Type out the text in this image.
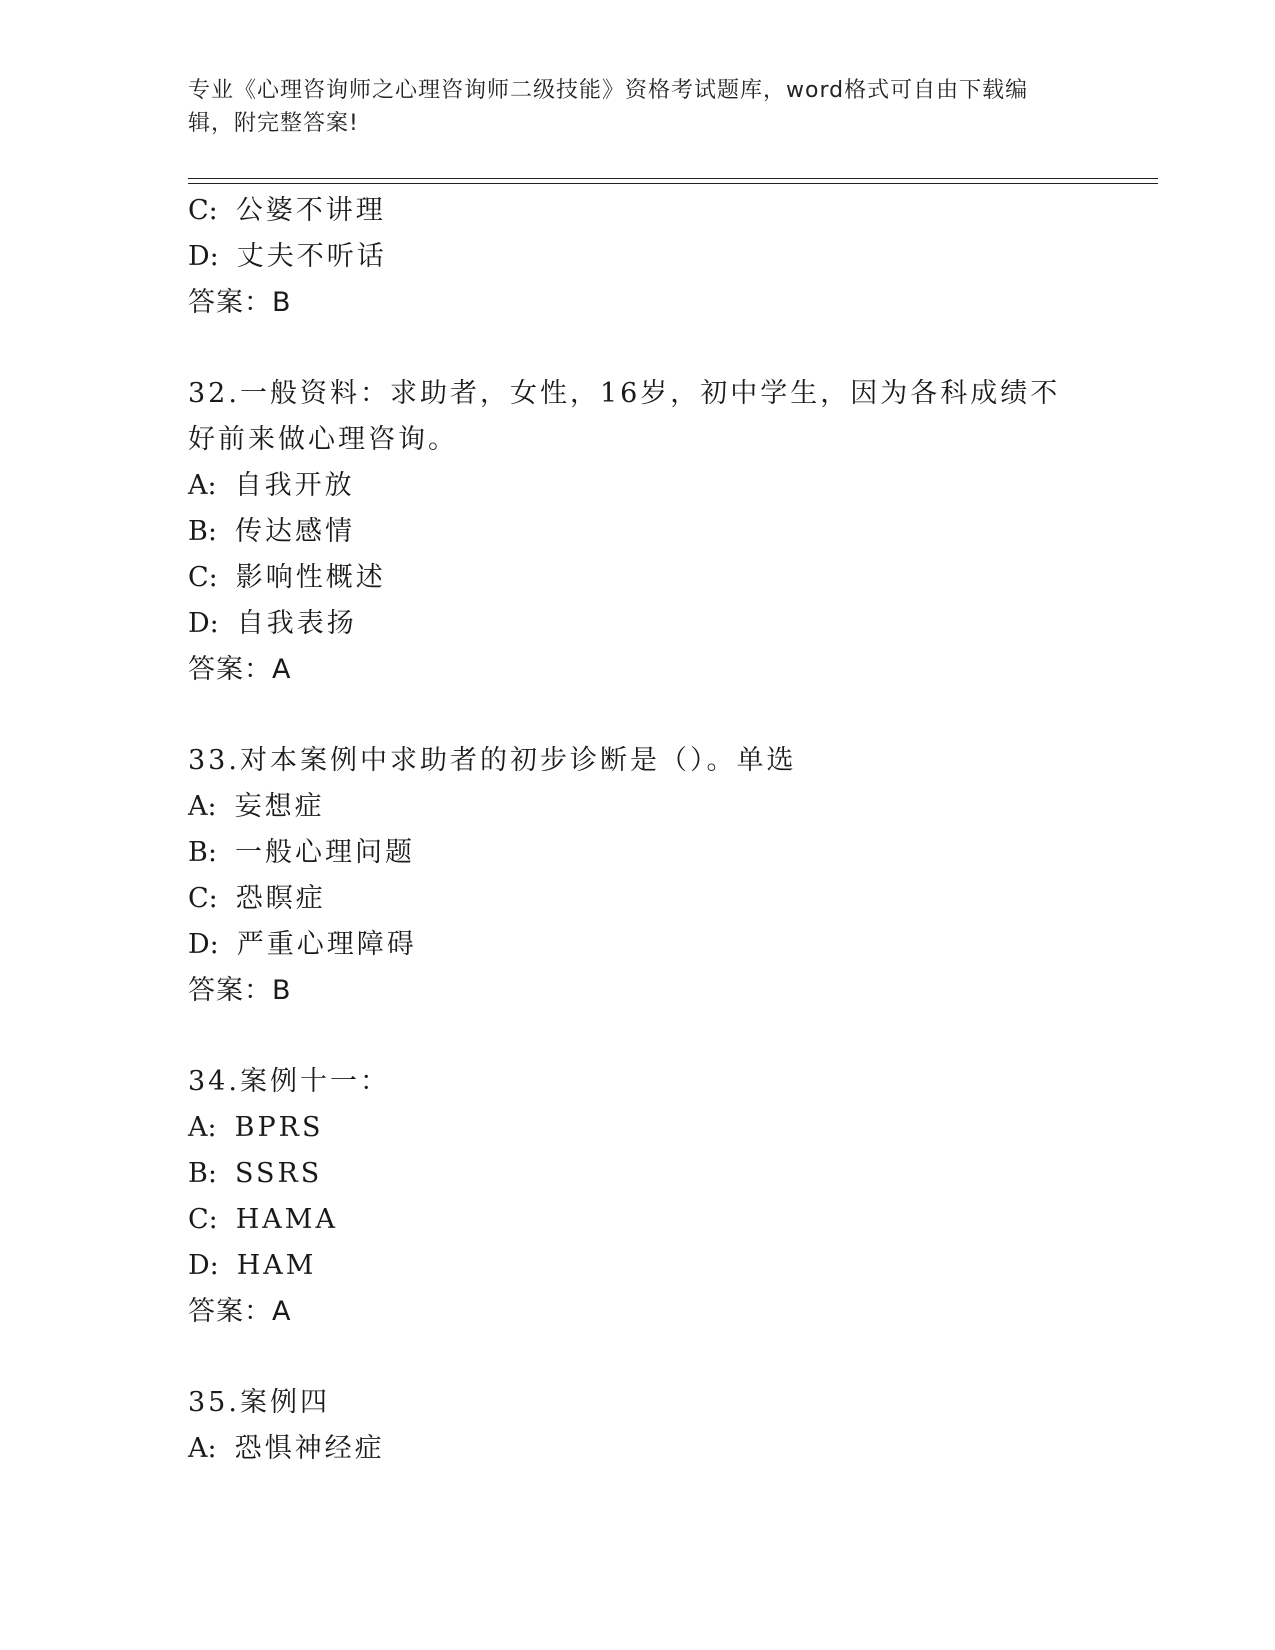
专业《心理咨询师之心理咨询师二级技能》资格考试题库，word格式可自由下载编辑，附完整答案!
C: 公婆不讲理
D: 丈夫不听话
答案：B
32.一般资料：求助者，女性，16岁，初中学生，因为各科成绩不好前来做心理咨询。
A: 自我开放
B: 传达感情
C: 影响性概述
D: 自我表扬
答案：A
33.对本案例中求助者的初步诊断是（）。单选
A: 妄想症
B: 一般心理问题
C: 恐瞑症
D: 严重心理障碍
答案：B
34.案例十一：
A: BPRS
B: SSRS
C: HAMA
D: HAM
答案：A
35.案例四
A: 恐惧神经症
